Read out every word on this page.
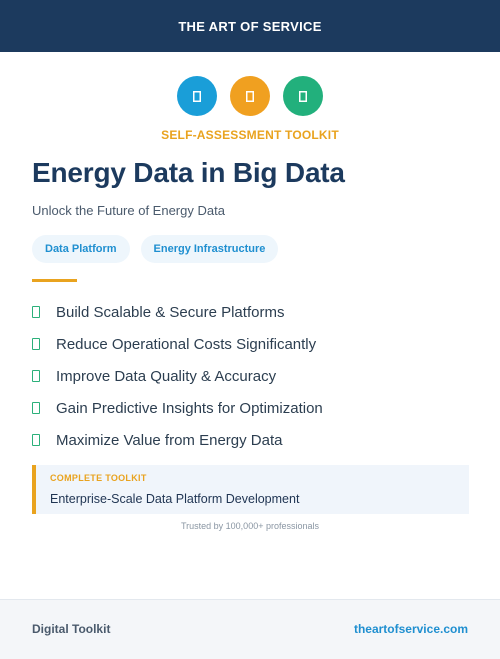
THE ART OF SERVICE
SELF-ASSESSMENT TOOLKIT
Energy Data in Big Data
Unlock the Future of Energy Data
Data Platform	Energy Infrastructure
Build Scalable & Secure Platforms
Reduce Operational Costs Significantly
Improve Data Quality & Accuracy
Gain Predictive Insights for Optimization
Maximize Value from Energy Data
COMPLETE TOOLKIT
Enterprise-Scale Data Platform Development
Trusted by 100,000+ professionals
Digital Toolkit	theartofservice.com
